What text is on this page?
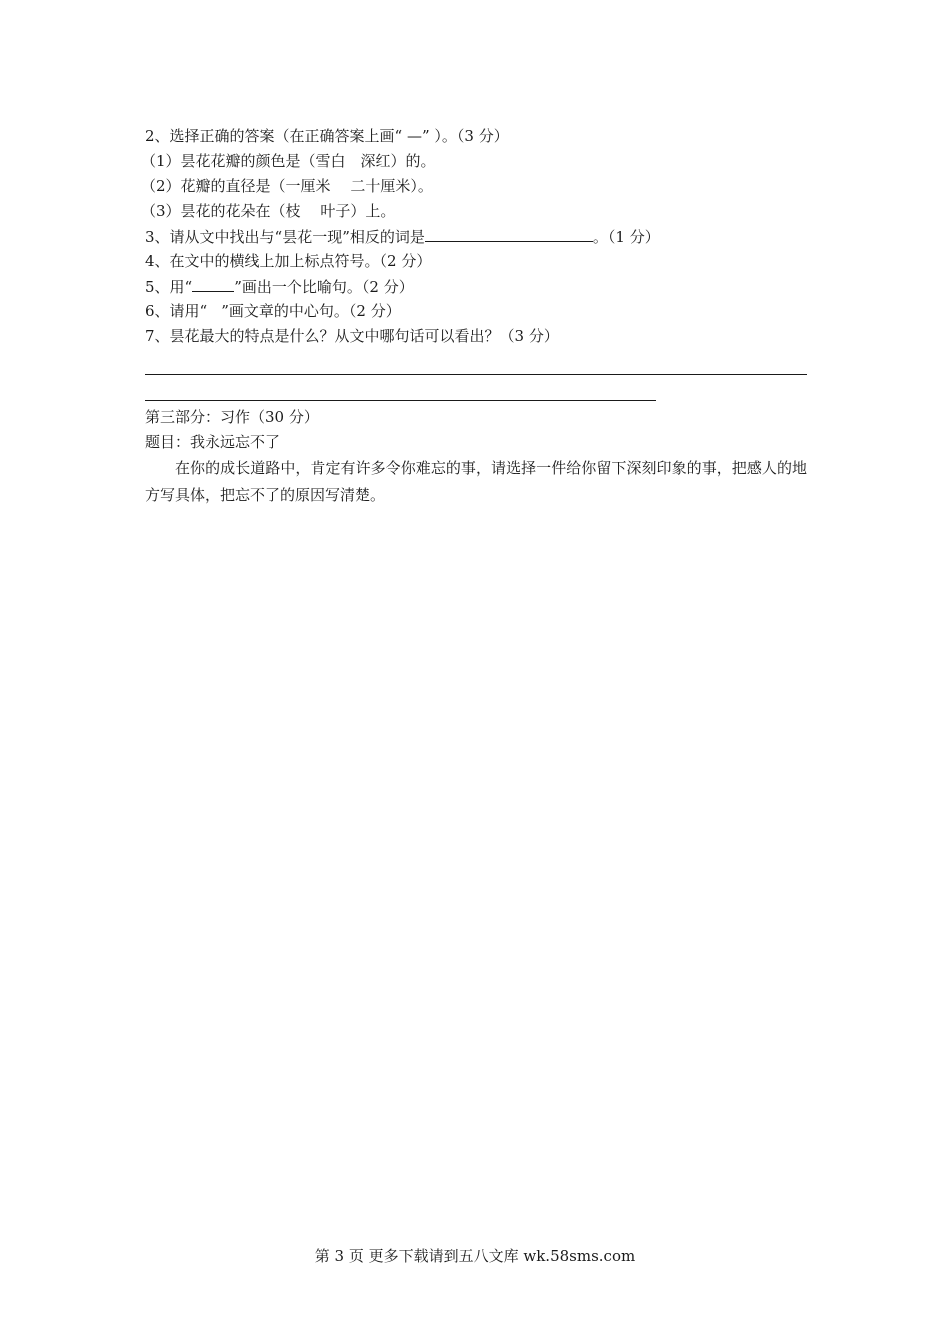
2、选择正确的答案（在正确答案上画“ —” ）。（3 分）
（1）昙花花瓣的颜色是（雪白　深红）的。
（2）花瓣的直径是（一厘米　 二十厘米）。
（3）昙花的花朵在（枝　 叶子）上。
3、请从文中找出与“昙花一现”相反的词是	。（1 分）
4、在文中的横线上加上标点符号。（2 分）
5、用“	”画出一个比喻句。（2 分）
6、请用“ ”画文章的中心句。（2 分）
7、昙花最大的特点是什么？从文中哪句话可以看出？（3 分）
第三部分：习作（30 分）
题目：我永远忘不了
在你的成长道路中，肯定有许多令你难忘的事，请选择一件给你留下深刻印象的事，把感人的地方写具体，把忘不了的原因写清楚。
第 3 页 更多下载请到五八文库 wk.58sms.com
